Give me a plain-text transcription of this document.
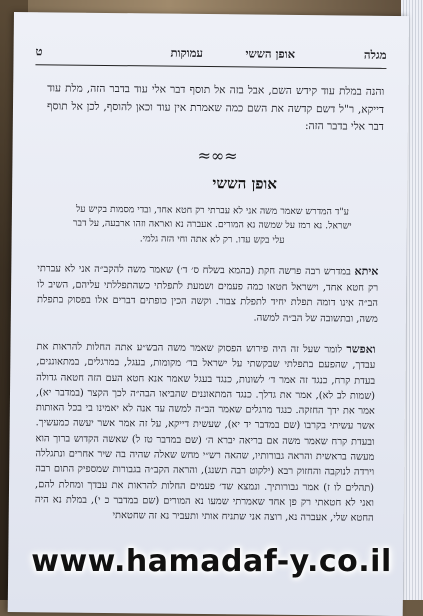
ט	עמוקות	אופן הששי	מגלה
והנה במלת עוד קידש השם, אבל בזה אל תוסף דבר אלי עוד בדבר הזה, מלת עוד דייקא, ר"ל דשם קדשה את השם כמה שאמרת אין עוד וכאן להוסף, לכן אל תוסף דבר אלי בדבר הזה:
≈∞≈
אופן הששי
ע"ד המדרש שאמר משה אני לא עברתי רק חטא אחד, ובדי מסמות בקיש על ישראל. נא רמז על שמשה נא המורים. אעברה נא ואראה וזהו ארבעה, על דבר עלי בקש עדו. רק לא אתה וחי הזה גלמי.
איתא במדרש רבה פרשה חקת (בהמא בשלח ס׳ ד׳) שאמר משה להקב״ה אני לא עברתי רק חטא אחד, וישראל חטאו כמה פעמים ושמעת לתפלתי כשהתפללתי עליהם, השיב לו הב״ה אינו דומה תפלת יחיד לתפלת צבור. וקשה הכין כופתים דברים אלו בפסוק בתפלת משה, ובתשובה של הב״ה למשה.
ואפשר לומר שעל זה היה פירוש הפסוק שאמר משה הבש״ע אתה החלות להראות את עבדך, שהפעם בתפלתי שבקשתי על ישראל בד׳ מקומות, בעגל, במרגלים, במתאוננים, בעדת קרח, כנגד זה אמר ד׳ לשונות, כנגד בעגל שאמר אנא חטא העם הזה חטאה גדולה (שמות לב לא), אמר את גדלך. כנגד המתאוננים שהביאו הבה״ה לכך הקצר (במדבר יא), אמר את ידך החזקה. כנגד מרגלים שאמר הב״ה למשה עד אנה לא יאמינו בי בכל האותות אשר עשיתי בקרבו (שם במדבר יד יא), שעשית דייקא, על זה אמר אשר יעשה כמעשיך. ובעדת קרח שאמר משה אם בריאה יברא ה׳ (שם במדבר טז ל) שאשה הקדוש ברוך הוא מעשה בראשית והראה גבורותיו, שהאה רש״י מחש שאלה שהיה בה שיר אחרים ונתגללה וירדה לנוקבה והחזוק רבא (ילקוט רבה תשנג), והראה הקב״ה בגבורות שמספיק התום רבה (תהלים לו ז) אמר גבורותיך. ונמצא שד׳ פעמים החלות להראות את עבדך ומחלת להם, ואני לא חטאתי רק פן אחד שאמרתי שמעו נא המורים (שם במדבר כ י), במלת נא היה החטא שלי, אעברה נא, רוצה אני שתניח אותי ותעביר נא זה שחטאתי
www.hamadaf-y.co.il
